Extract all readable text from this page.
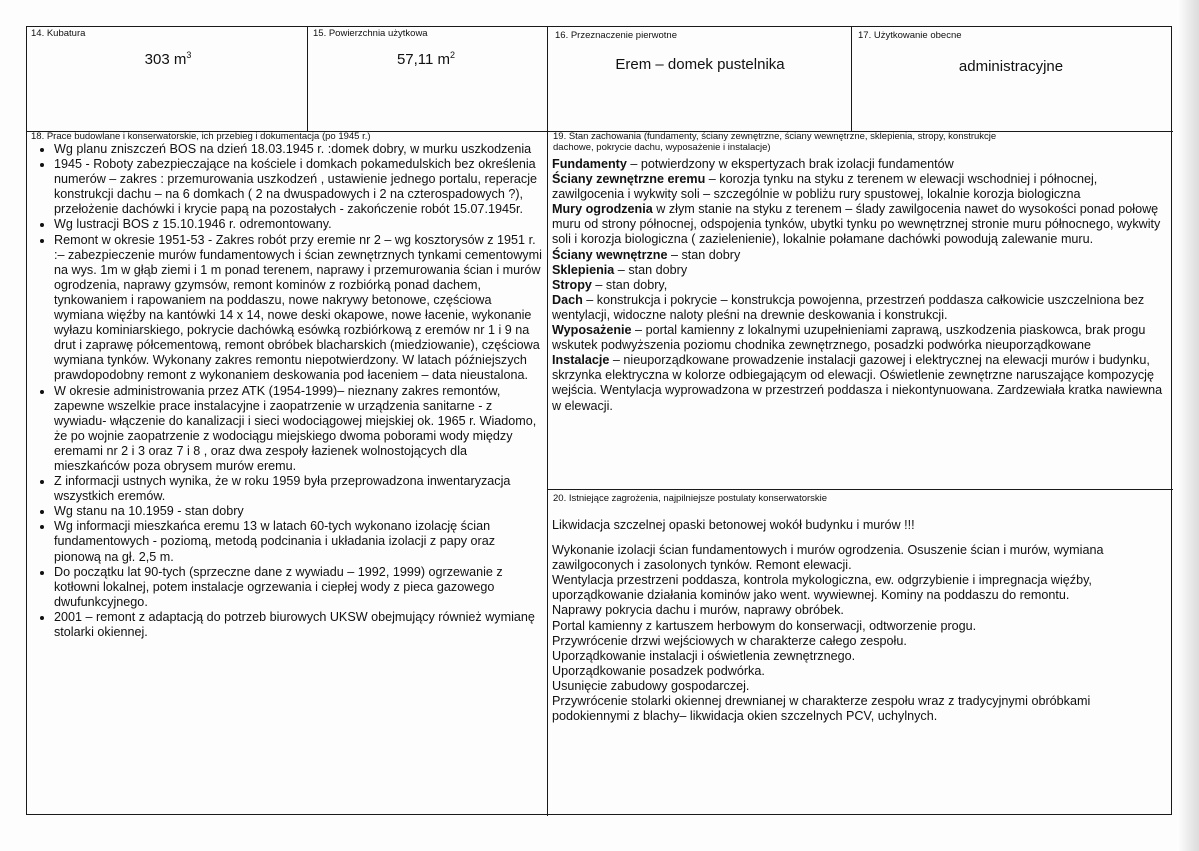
14. Kubatura
303 $m^3$
15. Powierzchnia użytkowa
57,11 $m^2$
16. Przeznaczenie pierwotne
Erem – domek pustelnika
17. Użytkowanie obecne
administracyjne
18. Prace budowlane i konserwatorskie, ich przebieg i dokumentacja (po 1945 r.)
• Wg planu zniszczeń BOS na dzień 18.03.1945 r. :domek dobry, w murku uszkodzenia
• 1945 - Roboty zabezpieczające na kościele i domkach pokamedulskich bez określenia numerów – zakres : przemurowania uszkodzeń , ustawienie jednego portalu, reperacje konstrukcji dachu – na 6 domkach ( 2 na dwuspadowych i 2 na czterospadowych ?), przełożenie dachówki i krycie papą na pozostałych - zakończenie robót 15.07.1945r.
• Wg lustracji BOS z 15.10.1946 r. odremontowany.
• Remont w okresie 1951-53 - Zakres robót przy eremie nr 2 – wg kosztorysów z 1951 r. :– zabezpieczenie murów fundamentowych i ścian zewnętrznych tynkami cementowymi na wys. 1m w głąb ziemi i 1 m ponad terenem, naprawy i przemurowania ścian i murów ogrodzenia, naprawy gzymsów, remont kominów z rozbiórką ponad dachem, tynkowaniem i rapowaniem na poddaszu, nowe nakrywy betonowe, częściowa wymiana więźby na kantówki 14 x 14, nowe deski okapowe, nowe łacenie, wykonanie wyłazu kominiarskiego, pokrycie dachówką esówką rozbiórkową z eremów nr 1 i 9 na drut i zaprawę półcementową, remont obróbek blacharskich (miedziowanie), częściowa wymiana tynków. Wykonany zakres remontu niepotwierdzony. W latach późniejszych prawdopodobny remont z wykonaniem deskowania pod łaceniem – data nieustalona.
• W okresie administrowania przez ATK (1954-1999)– nieznany zakres remontów, zapewne wszelkie prace instalacyjne i zaopatrzenie w urządzenia sanitarne - z wywiadu- włączenie do kanalizacji i sieci wodociągowej miejskiej ok. 1965 r. Wiadomo, że po wojnie zaopatrzenie z wodociągu miejskiego dwoma poborami wody między eremami nr 2 i 3 oraz 7 i 8 , oraz dwa zespoły łazienek wolnostojących dla mieszkańców poza obrysem murów eremu.
• Z informacji ustnych wynika, że w roku 1959 była przeprowadzona inwentaryzacja wszystkich eremów.
• Wg stanu na 10.1959 - stan dobry
• Wg informacji mieszkańca eremu 13 w latach 60-tych wykonano izolację ścian fundamentowych - poziomą, metodą podcinania i układania izolacji z papy oraz pionową na gł. 2,5 m.
• Do początku lat 90-tych (sprzeczne dane z wywiadu – 1992, 1999) ogrzewanie z kotłowni lokalnej, potem instalacje ogrzewania i ciepłej wody z pieca gazowego dwufunkcyjnego.
• 2001 – remont z adaptacją do potrzeb biurowych UKSW obejmujący również wymianę stolarki okiennej.
19. Stan zachowania (fundamenty, ściany zewnętrzne, ściany wewnętrzne, sklepienia, stropy, konstrukcje dachowe, pokrycie dachu, wyposażenie i instalacje)

Fundamenty – potwierdzony w ekspertyzach brak izolacji fundamentów

Ściany zewnętrzne eremu – korozja tynku na styku z terenem w elewacji wschodniej i północnej, zawilgocenia i wykwity soli – szczególnie w pobliżu rury spustowej, lokalnie korozja biologiczna

Mury ogrodzenia w złym stanie na styku z terenem – ślady zawilgocenia nawet do wysokości ponad połowę muru od strony północnej, odspojenia tynków, ubytki tynku po wewnętrznej stronie muru północnego, wykwity soli i korozja biologiczna ( zazielenienie), lokalnie połamane dachówki powodują zalewanie muru.

Ściany wewnętrzne – stan dobry

Sklepienia – stan dobry

Stropy – stan dobry,

Dach – konstrukcja i pokrycie – konstrukcja powojenna, przestrzeń poddasza całkowicie uszczelniona bez wentylacji, widoczne naloty pleśni na drewnie deskowania i konstrukcji.

Wyposażenie – portal kamienny z lokalnymi uzupełnieniami zaprawą, uszkodzenia piaskowca, brak progu wskutek podwyższenia poziomu chodnika zewnętrznego, posadzki podwórka nieuporządkowane

Instalacje – nieuporządkowane prowadzenie instalacji gazowej i elektrycznej na elewacji murów i budynku, skrzynka elektryczna w kolorze odbiegającym od elewacji. Oświetlenie zewnętrzne naruszające kompozycję wejścia. Wentylacja wyprowadzona w przestrzeń poddasza i niekontynuowana. Zardzewiała kratka nawiewna w elewacji.

20. Istniejące zagrożenia, najpilniejsze postulaty konserwatorskie

Likwidacja szczelnej opaski betonowej wokół budynku i murów !!!

Wykonanie izolacji ścian fundamentowych i murów ogrodzenia. Osuszenie ścian i murów, wymiana zawilgoconych i zasolonych tynków. Remont elewacji.

Wentylacja przestrzeni poddasza, kontrola mykologiczna, ew. odgrzybienie i impregnacja więźby, uporządkowanie działania kominów jako went. wywiewnej. Kominy na poddaszu do remontu.

Naprawy pokrycia dachu i murów, naprawy obróbek.

Portal kamienny z kartuszem herbowym do konserwacji, odtworzenie progu.

Przywrócenie drzwi wejściowych w charakterze całego zespołu.

Uporządkowanie instalacji i oświetlenia zewnętrznego.

Uporządkowanie posadzek podwórka.

Usunięcie zabudowy gospodarczej.

Przywrócenie stolarki okiennej drewnianej w charakterze zespołu wraz z tradycyjnymi obróbkami podokiennymi z blachy– likwidacja okien szczelnych PCV, uchylnych.
